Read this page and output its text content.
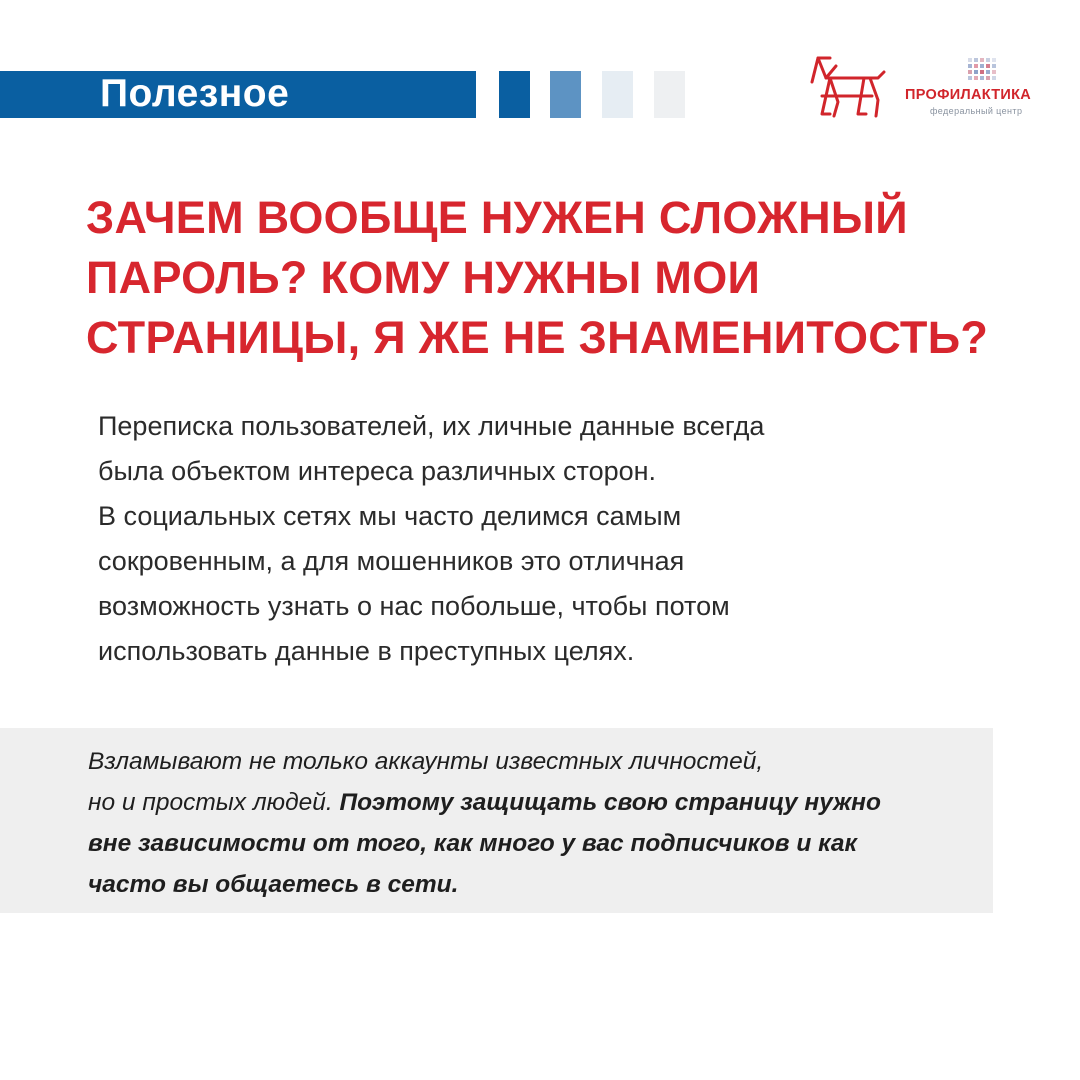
Полезное	ПРОФИЛАКТИКА
федеральный центр
ЗАЧЕМ ВООБЩЕ НУЖЕН СЛОЖНЫЙ
ПАРОЛЬ? КОМУ НУЖНЫ МОИ
СТРАНИЦЫ, Я ЖЕ НЕ ЗНАМЕНИТОСТЬ?
Переписка пользователей, их личные данные всегда
была объектом интереса различных сторон.
В социальных сетях мы часто делимся самым
сокровенным, а для мошенников это отличная
возможность узнать о нас побольше, чтобы потом
использовать данные в преступных целях.
Взламывают не только аккаунты известных личностей,
но и простых людей. Поэтому защищать свою страницу нужно
вне зависимости от того, как много у вас подписчиков и как
часто вы общаетесь в сети.
